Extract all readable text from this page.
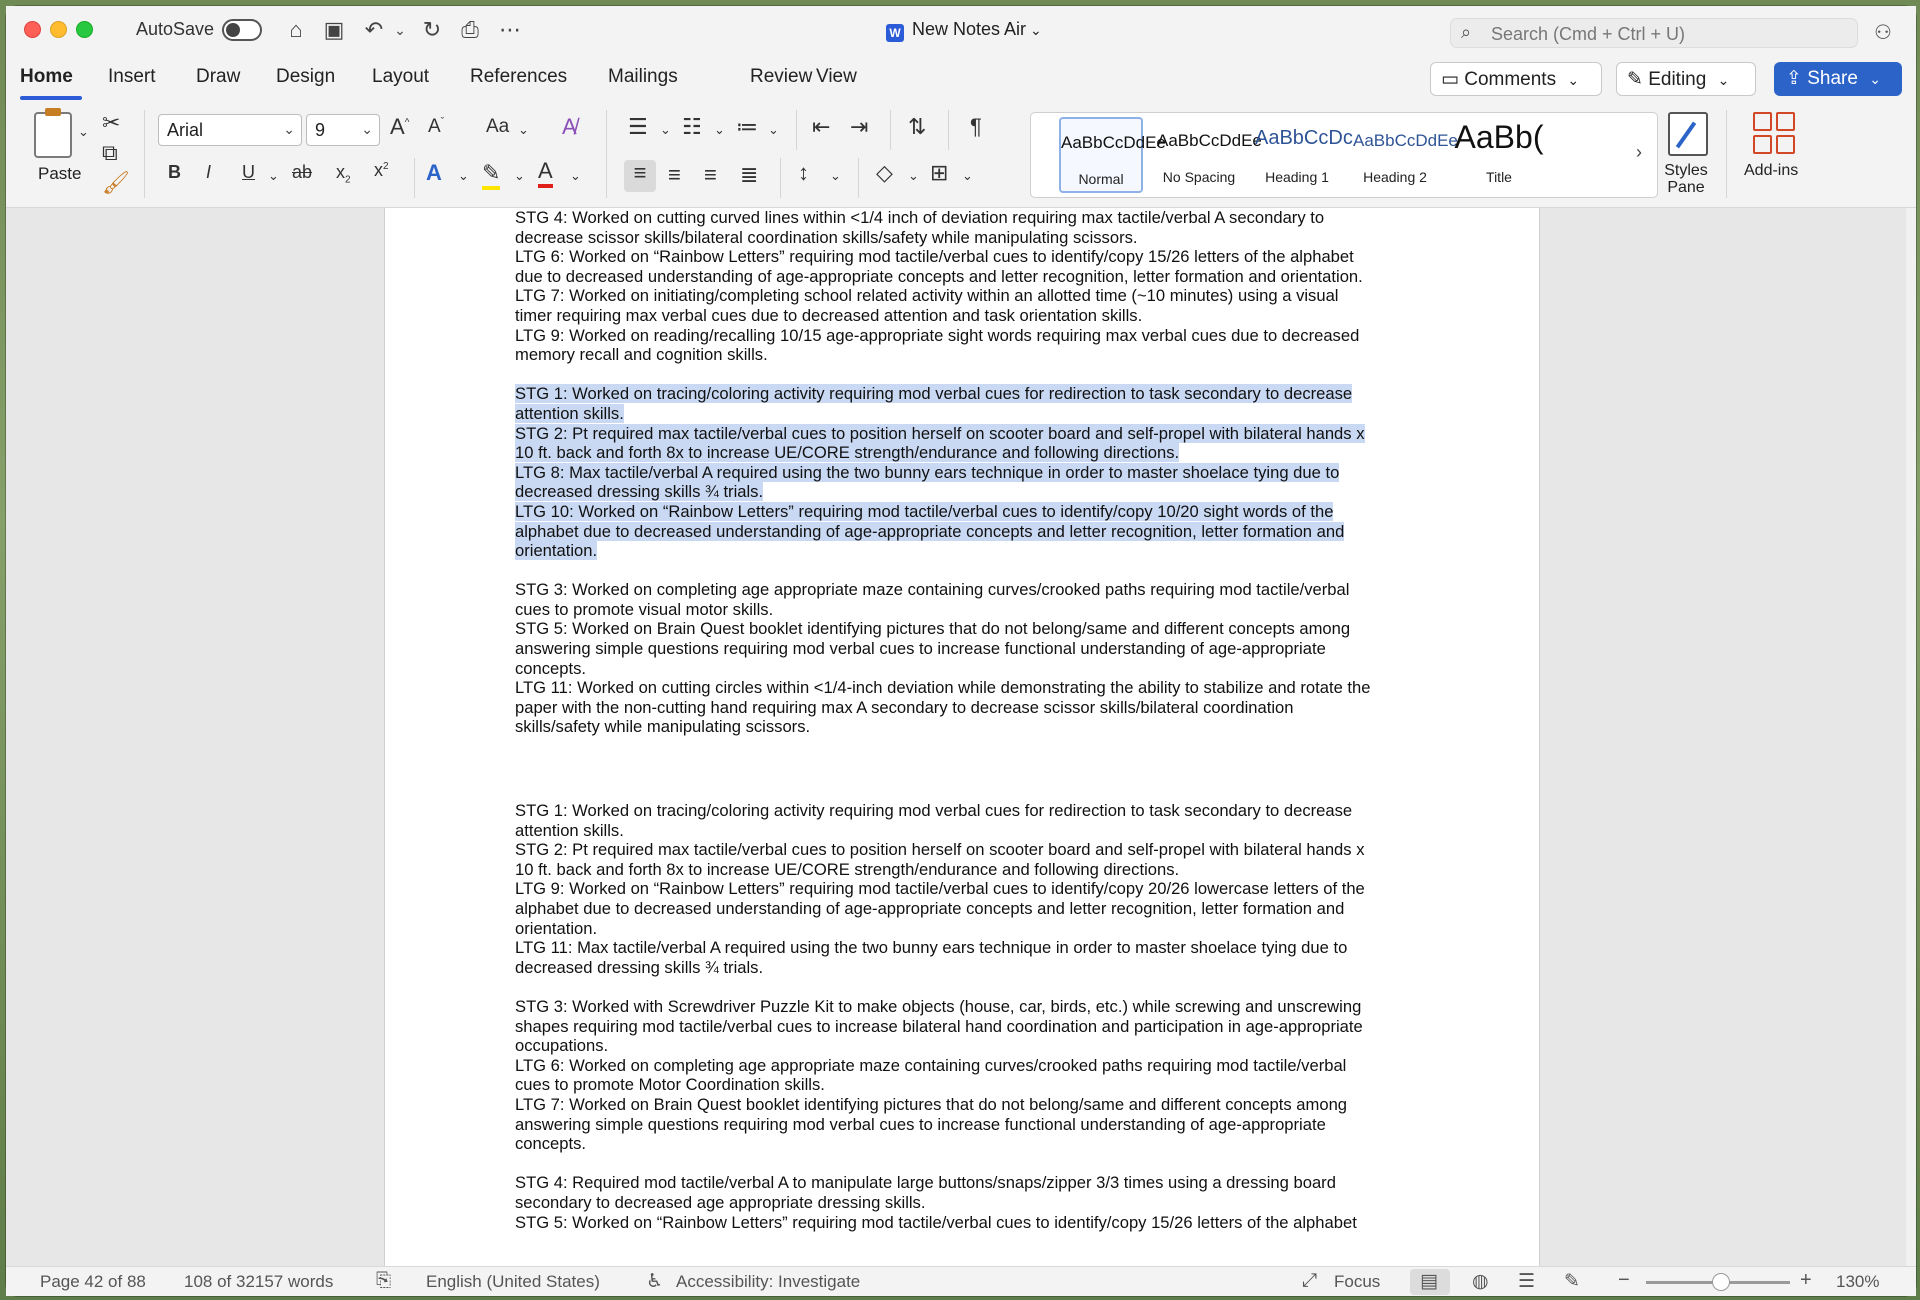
AutoSave	⌂ ▣ ↶ ⌄ ↻ ⎙ ⋯	W New Notes Air ⌄	⌕ Search (Cmd + Ctrl + U)	⚇
Home Insert Draw Design Layout References Mailings	Review View	▭ Comments ⌄	✎ Editing ⌄	⇪ Share ⌄
⌄
Paste
✂
⧉
🖌
Arial	⌄	9	⌄ A^ $A^ˇ$ Aa ⌄ A̸
B I U ⌄ ab $x_2$
$x^2$ A ⌄ ✎ ⌄ A ⌄
☰ ⌄ ☷ ⌄ ≔ ⌄ ⇤ ⇥ ⇅ ¶
≡ ≡ ≡ ≣ ↕ ⌄ ◇ ⌄ ⊞ ⌄
AaBbCcDdEe
Normal
AaBbCcDdEe
No Spacing
AaBbCcDc
Heading 1
AaBbCcDdEe
Heading 2
AaBb(
Title
›
Styles Pane
Add-ins
STG 4: Worked on cutting curved lines within <1/4 inch of deviation requiring max tactile/verbal A secondary to
decrease scissor skills/bilateral coordination skills/safety while manipulating scissors.
LTG 6: Worked on “Rainbow Letters” requiring mod tactile/verbal cues to identify/copy 15/26 letters of the alphabet
due to decreased understanding of age-appropriate concepts and letter recognition, letter formation and orientation.
LTG 7: Worked on initiating/completing school related activity within an allotted time (~10 minutes) using a visual
timer requiring max verbal cues due to decreased attention and task orientation skills.
LTG 9: Worked on reading/recalling 10/15 age-appropriate sight words requiring max verbal cues due to decreased
memory recall and cognition skills.
STG 1: Worked on tracing/coloring activity requiring mod verbal cues for redirection to task secondary to decrease
attention skills.
STG 2: Pt required max tactile/verbal cues to position herself on scooter board and self-propel with bilateral hands x
10 ft. back and forth 8x to increase UE/CORE strength/endurance and following directions.
LTG 8: Max tactile/verbal A required using the two bunny ears technique in order to master shoelace tying due to
decreased dressing skills ¾ trials.
LTG 10: Worked on “Rainbow Letters” requiring mod tactile/verbal cues to identify/copy 10/20 sight words of the
alphabet due to decreased understanding of age-appropriate concepts and letter recognition, letter formation and
orientation.
STG 3: Worked on completing age appropriate maze containing curves/crooked paths requiring mod tactile/verbal
cues to promote visual motor skills.
STG 5: Worked on Brain Quest booklet identifying pictures that do not belong/same and different concepts among
answering simple questions requiring mod verbal cues to increase functional understanding of age-appropriate
concepts.
LTG 11: Worked on cutting circles within <1/4-inch deviation while demonstrating the ability to stabilize and rotate the
paper with the non-cutting hand requiring max A secondary to decrease scissor skills/bilateral coordination
skills/safety while manipulating scissors.
STG 1: Worked on tracing/coloring activity requiring mod verbal cues for redirection to task secondary to decrease
attention skills.
STG 2: Pt required max tactile/verbal cues to position herself on scooter board and self-propel with bilateral hands x
10 ft. back and forth 8x to increase UE/CORE strength/endurance and following directions.
LTG 9: Worked on “Rainbow Letters” requiring mod tactile/verbal cues to identify/copy 20/26 lowercase letters of the
alphabet due to decreased understanding of age-appropriate concepts and letter recognition, letter formation and
orientation.
LTG 11: Max tactile/verbal A required using the two bunny ears technique in order to master shoelace tying due to
decreased dressing skills ¾ trials.
STG 3: Worked with Screwdriver Puzzle Kit to make objects (house, car, birds, etc.) while screwing and unscrewing
shapes requiring mod tactile/verbal cues to increase bilateral hand coordination and participation in age-appropriate
occupations.
LTG 6: Worked on completing age appropriate maze containing curves/crooked paths requiring mod tactile/verbal
cues to promote Motor Coordination skills.
LTG 7: Worked on Brain Quest booklet identifying pictures that do not belong/same and different concepts among
answering simple questions requiring mod verbal cues to increase functional understanding of age-appropriate
concepts.
STG 4: Required mod tactile/verbal A to manipulate large buttons/snaps/zipper 3/3 times using a dressing board
secondary to decreased age appropriate dressing skills.
STG 5: Worked on “Rainbow Letters” requiring mod tactile/verbal cues to identify/copy 15/26 letters of the alphabet
Page 42 of 88 108 of 32157 words ⎘ English (United States) ♿ Accessibility: Investigate	⤢ Focus ▤ ◍ ☰ ✎ −	+ 130%
